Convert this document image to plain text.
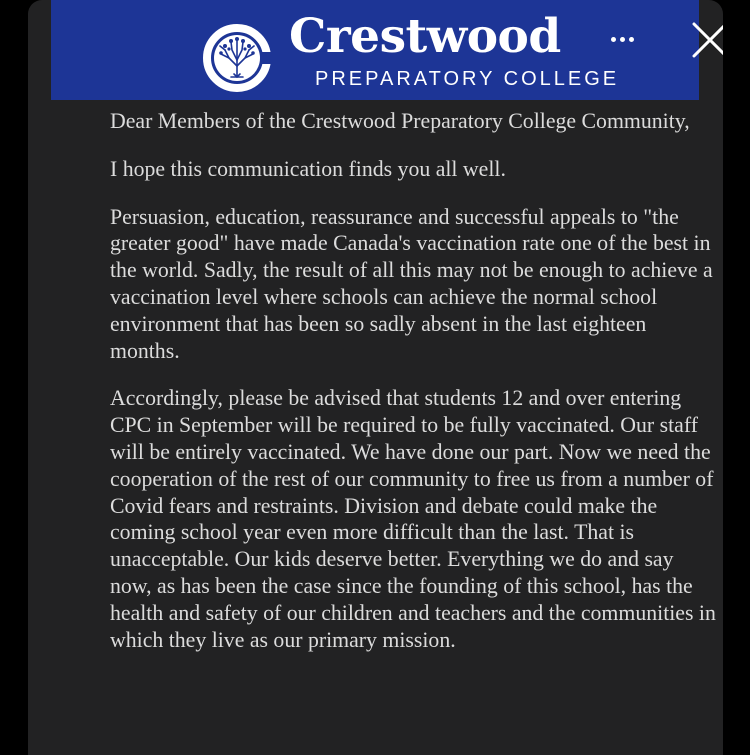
Crestwood
PREPARATORY COLLEGE

Dear Members of the Crestwood Preparatory College Community,

I hope this communication finds you all well.

Persuasion, education, reassurance and successful appeals to "the greater good" have made Canada's vaccination rate one of the best in the world. Sadly, the result of all this may not be enough to achieve a vaccination level where schools can achieve the normal school environment that has been so sadly absent in the last eighteen months.

Accordingly, please be advised that students 12 and over entering CPC in September will be required to be fully vaccinated. Our staff will be entirely vaccinated. We have done our part. Now we need the cooperation of the rest of our community to free us from a number of Covid fears and restraints. Division and debate could make the coming school year even more difficult than the last. That is unacceptable. Our kids deserve better. Everything we do and say now, as has been the case since the founding of this school, has the health and safety of our children and teachers and the communities in which they live as our primary mission.
